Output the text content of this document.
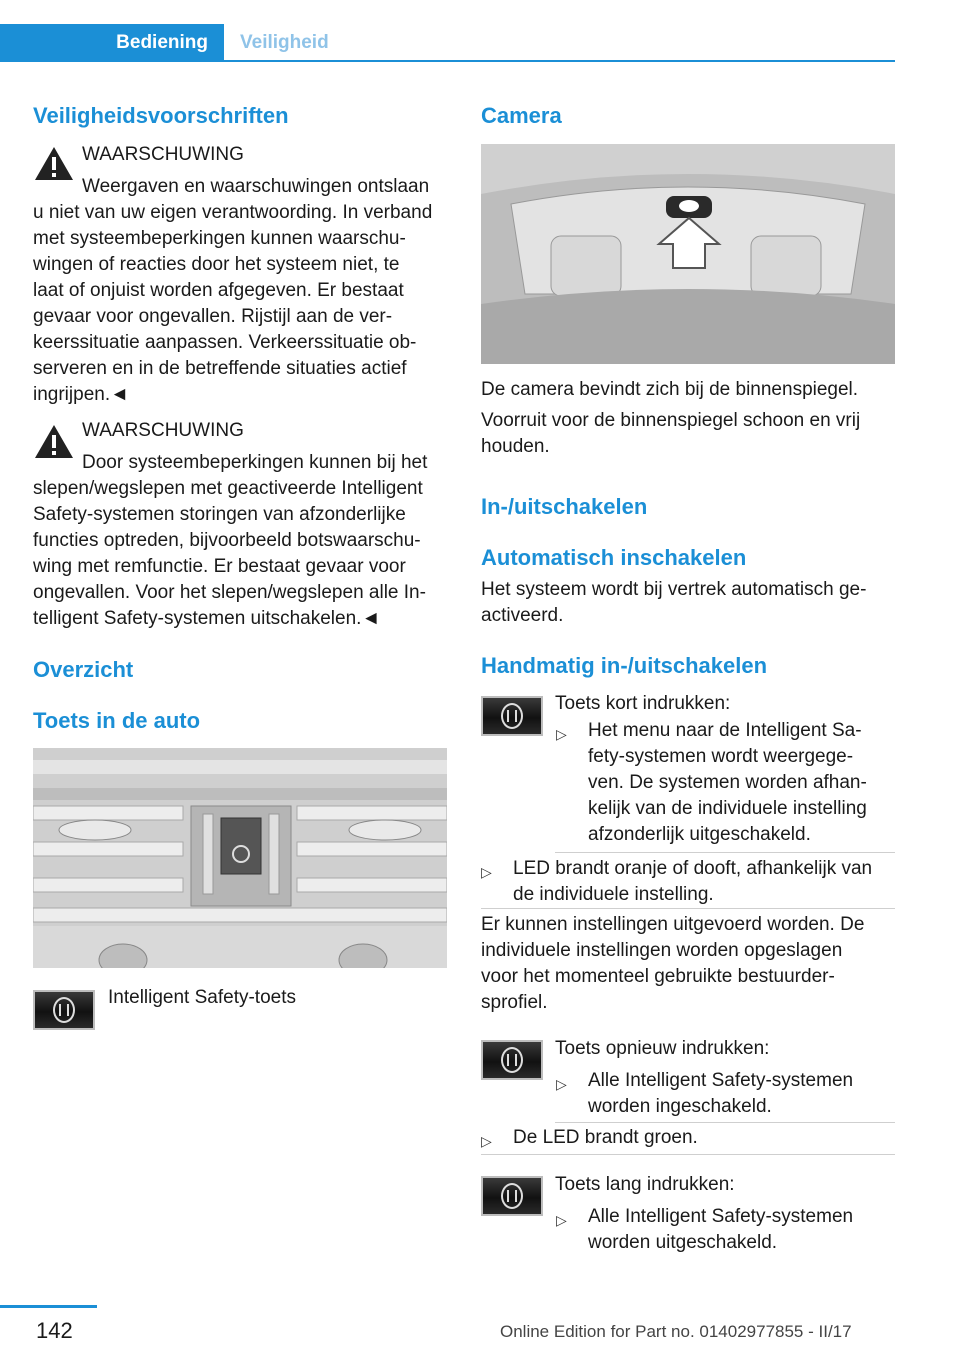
Bediening	Veiligheid
Veiligheidsvoorschriften
WAARSCHUWING
Weergaven en waarschuwingen ontslaan
u niet van uw eigen verantwoording. In verband
met systeembeperkingen kunnen waarschu-
wingen of reacties door het systeem niet, te
laat of onjuist worden afgegeven. Er bestaat
gevaar voor ongevallen. Rijstijl aan de ver-
keerssituatie aanpassen. Verkeerssituatie ob-
serveren en in de betreffende situaties actief
ingrijpen.◄
WAARSCHUWING
Door systeembeperkingen kunnen bij het
slepen/wegslepen met geactiveerde Intelligent
Safety-systemen storingen van afzonderlijke
functies optreden, bijvoorbeeld botswaarschu-
wing met remfunctie. Er bestaat gevaar voor
ongevallen. Voor het slepen/wegslepen alle In-
telligent Safety-systemen uitschakelen.◄
Overzicht
Toets in de auto
Intelligent Safety-toets
Camera
De camera bevindt zich bij de binnenspiegel.
Voorruit voor de binnenspiegel schoon en vrij
houden.
In-/uitschakelen
Automatisch inschakelen
Het systeem wordt bij vertrek automatisch ge-
activeerd.
Handmatig in-/uitschakelen
Toets kort indrukken:
▷ Het menu naar de Intelligent Sa-
fety-systemen wordt weergege-
ven. De systemen worden afhan-
kelijk van de individuele instelling
afzonderlijk uitgeschakeld.
▷ LED brandt oranje of dooft, afhankelijk van
de individuele instelling.
Er kunnen instellingen uitgevoerd worden. De
individuele instellingen worden opgeslagen
voor het momenteel gebruikte bestuurder-
sprofiel.
Toets opnieuw indrukken:
▷ Alle Intelligent Safety-systemen
worden ingeschakeld.
▷ De LED brandt groen.
Toets lang indrukken:
▷ Alle Intelligent Safety-systemen
worden uitgeschakeld.
142	Online Edition for Part no. 01402977855 - II/17
